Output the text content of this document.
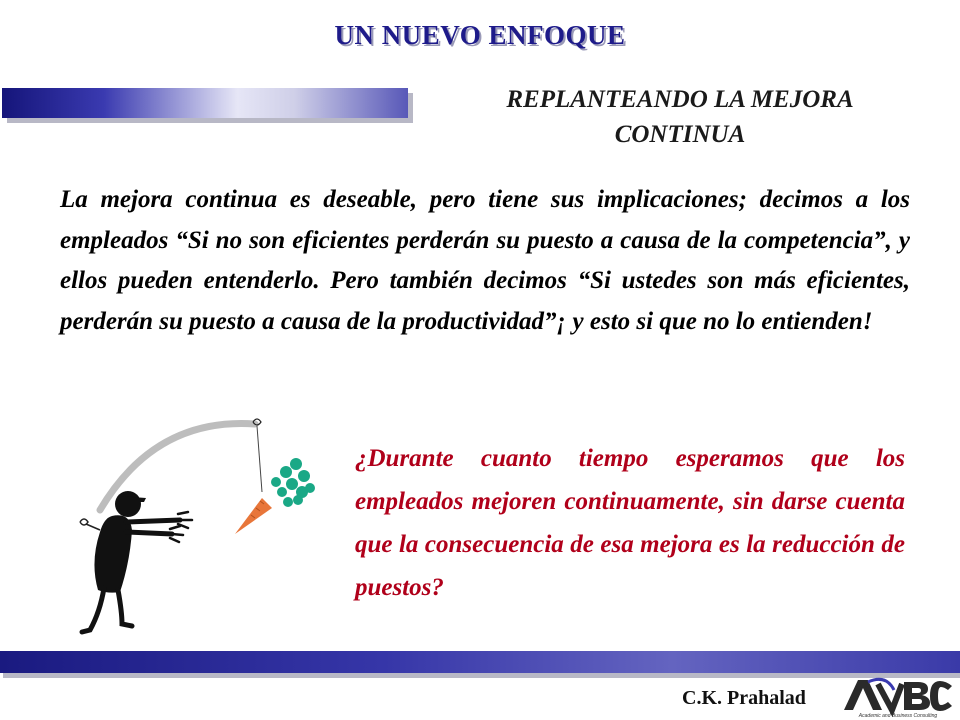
UN NUEVO ENFOQUE
REPLANTEANDO LA MEJORA
CONTINUA
La mejora continua es deseable, pero tiene sus implicaciones; decimos a los empleados “Si no son eficientes perderán su puesto a causa de la competencia”, y ellos pueden entenderlo. Pero también decimos “Si ustedes son más eficientes, perderán su puesto a causa de la productividad”¡ y esto si que no lo entienden!
¿Durante cuanto tiempo esperamos que los empleados mejoren continuamente, sin darse cuenta que la consecuencia de esa mejora es la reducción de puestos?
C.K. Prahalad
Academic and Business Consulting
